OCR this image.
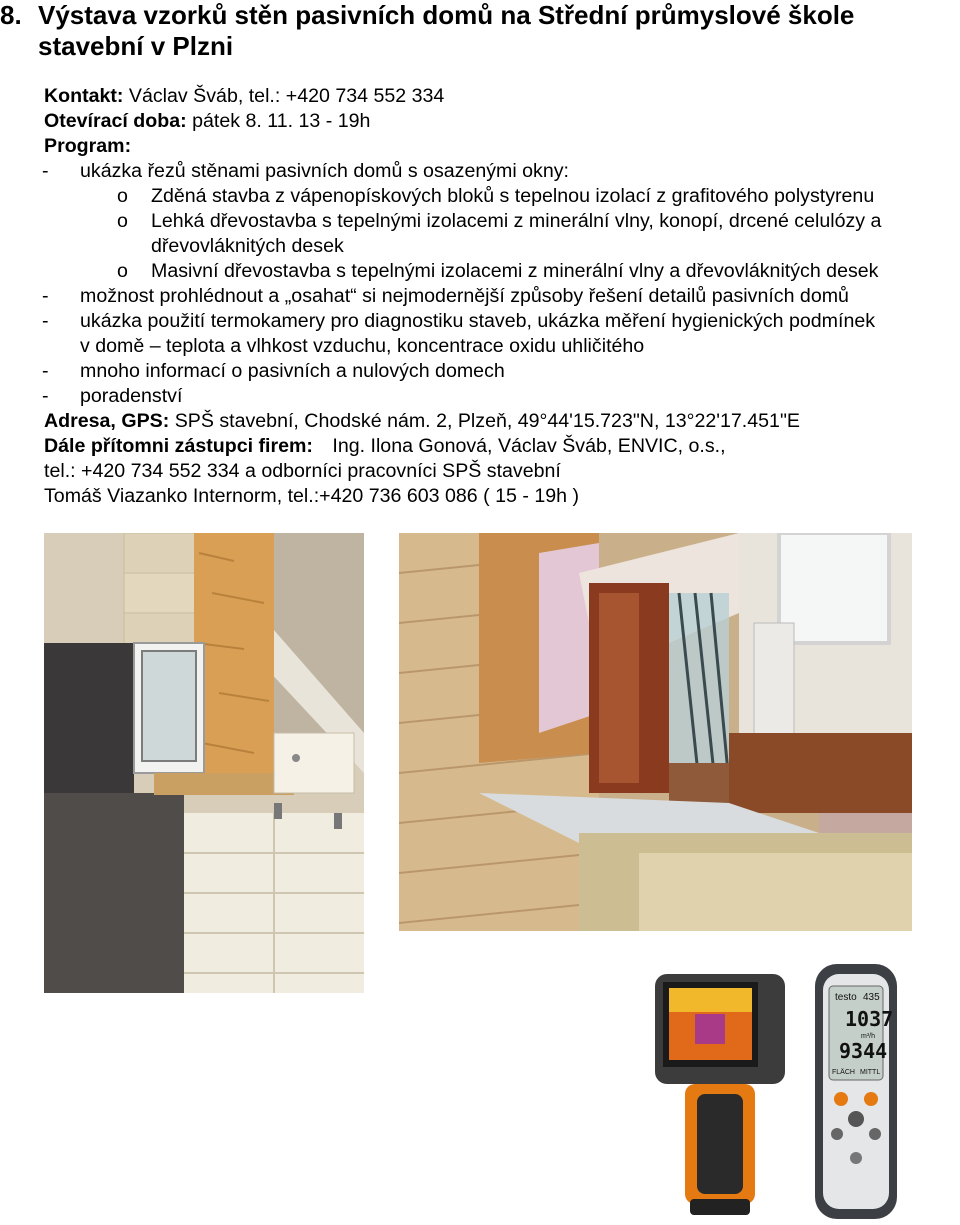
8. Výstava vzorků stěn pasivních domů na Střední průmyslové škole stavební v Plzni
Kontakt: Václav Šváb, tel.: +420 734 552 334
Otevírací doba: pátek 8. 11. 13 - 19h
Program:
- ukázka řezů stěnami pasivních domů s osazenými okny:
o Zděná stavba z vápenopískových bloků s tepelnou izolací z grafitového polystyrenu
o Lehká dřevostavba s tepelnými izolacemi z minerální vlny, konopí, drcené celulózy a
dřevovláknitých desek
o Masivní dřevostavba s tepelnými izolacemi z minerální vlny a dřevovláknitých desek
- možnost prohlédnout a „osahat“ si nejmodernější způsoby řešení detailů pasivních domů
- ukázka použití termokamery pro diagnostiku staveb, ukázka měření hygienických podmínek
v domě – teplota a vlhkost vzduchu, koncentrace oxidu uhličitého
- mnoho informací o pasivních a nulových domech
- poradenství
Adresa, GPS: SPŠ stavební, Chodské nám. 2, Plzeň, 49°44'15.723"N, 13°22'17.451"E
Dále přítomni zástupci firem: Ing. Ilona Gonová, Václav Šváb, ENVIC, o.s.,
tel.: +420 734 552 334 a odborníci pracovníci SPŠ stavební
Tomáš Viazanko Internorm, tel.:+420 736 603 086 ( 15 - 19h )
testo 435
1037
m³/h
9344
FLÄCH MITTL
